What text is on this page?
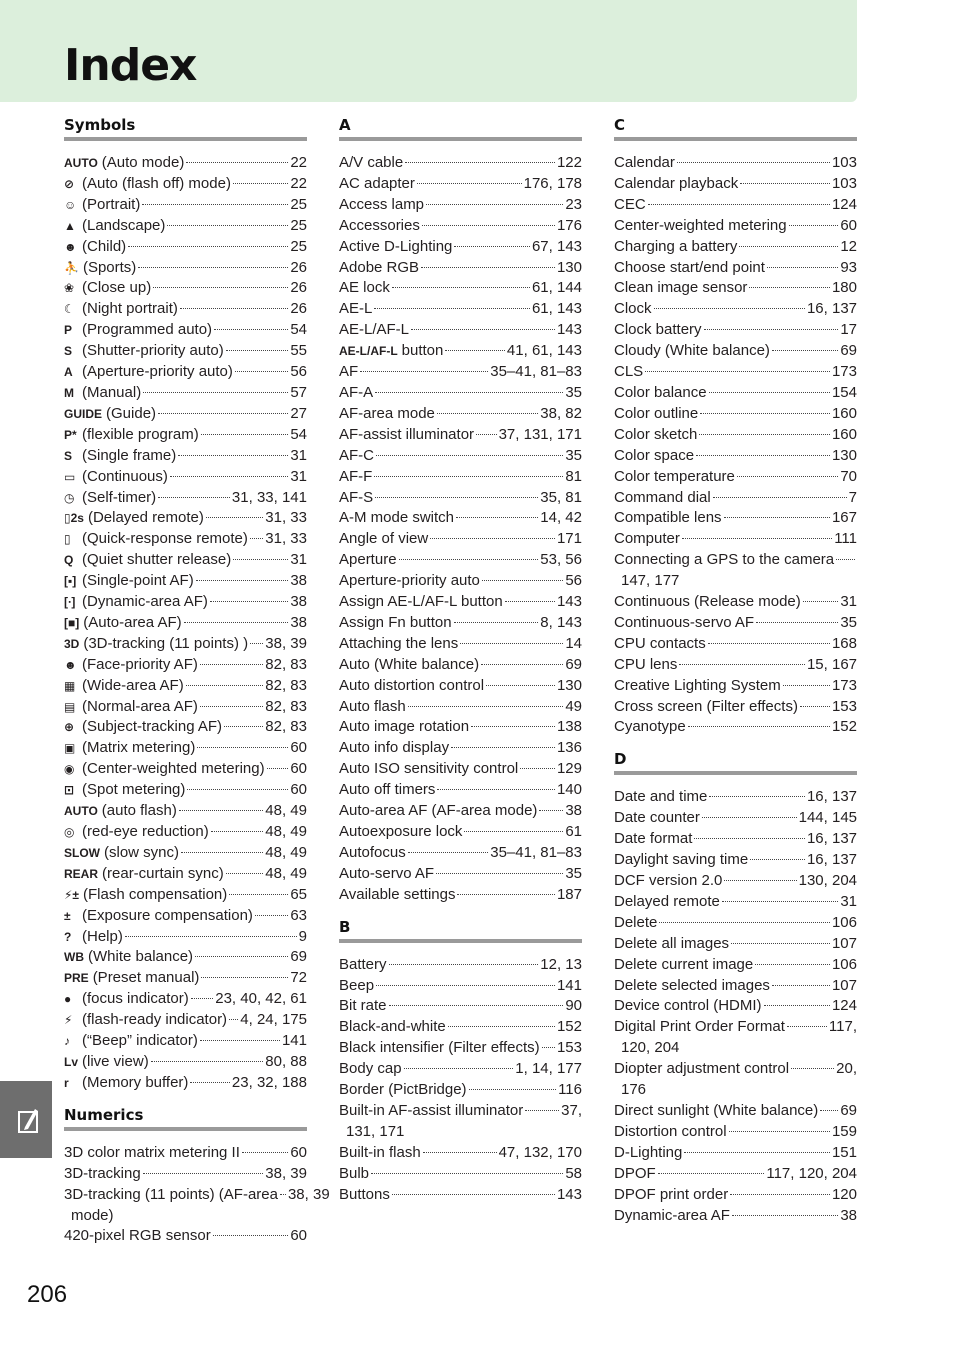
Index
Symbols
AUTO (Auto mode)	22
⊘ (Auto (flash off) mode)	22
☺ (Portrait)	25
▲ (Landscape)	25
☻ (Child)	25
⛹ (Sports)	26
❀ (Close up)	26
☾ (Night portrait)	26
P (Programmed auto)	54
S (Shutter-priority auto)	55
A (Aperture-priority auto)	56
M (Manual)	57
GUIDE (Guide)	27
P* (flexible program)	54
S (Single frame)	31
▭ (Continuous)	31
◷ (Self-timer)	31, 33, 141
▯2s (Delayed remote)	31, 33
▯ (Quick-response remote) 31, 33
Q (Quiet shutter release)	31
[▪] (Single-point AF)	38
[∙] (Dynamic-area AF)	38
[■] (Auto-area AF)	38
3D (3D-tracking (11 points) ) 38, 39
☻ (Face-priority AF)	82, 83
▦ (Wide-area AF)	82, 83
▤ (Normal-area AF)	82, 83
⊕ (Subject-tracking AF)	82, 83
▣ (Matrix metering)	60
◉ (Center-weighted metering) 60
⊡ (Spot metering)	60
AUTO (auto flash)	48, 49
◎ (red-eye reduction)	48, 49
SLOW (slow sync)	48, 49
REAR (rear-curtain sync)	48, 49
⚡± (Flash compensation)	65
± (Exposure compensation) 63
? (Help)	9
WB (White balance)	69
PRE (Preset manual)	72
● (focus indicator) 23, 40, 42, 61
⚡ (flash-ready indicator) 4, 24, 175
♪ (“Beep” indicator)	141
Lv (live view)	80, 88
r (Memory buffer)	23, 32, 188
Numerics
3D color matrix metering II	60
3D-tracking	38, 39
3D-tracking (11 points) (AF-area 38, 39
mode)
420-pixel RGB sensor	60
A
A/V cable	122
AC adapter	176, 178
Access lamp	23
Accessories	176
Active D-Lighting	67, 143
Adobe RGB	130
AE lock	61, 144
AE-L	61, 143
AE-L/AF-L	143
AE-L/AF-L button	41, 61, 143
AF	35–41, 81–83
AF-A	35
AF-area mode	38, 82
AF-assist illuminator 37, 131, 171
AF-C	35
AF-F	81
AF-S	35, 81
A-M mode switch	14, 42
Angle of view	171
Aperture	53, 56
Aperture-priority auto	56
Assign AE-L/AF-L button	143
Assign Fn button	8, 143
Attaching the lens	14
Auto (White balance)	69
Auto distortion control	130
Auto flash	49
Auto image rotation	138
Auto info display	136
Auto ISO sensitivity control	129
Auto off timers	140
Auto-area AF (AF-area mode) 38
Autoexposure lock	61
Autofocus	35–41, 81–83
Auto-servo AF	35
Available settings	187
B
Battery	12, 13
Beep	141
Bit rate	90
Black-and-white	152
Black intensifier (Filter effects) 153
Body cap	1, 14, 177
Border (PictBridge)	116
Built-in AF-assist illuminator	37,
131, 171
Built-in flash	47, 132, 170
Bulb	58
Buttons	143
C
Calendar	103
Calendar playback	103
CEC	124
Center-weighted metering	60
Charging a battery	12
Choose start/end point	93
Clean image sensor	180
Clock	16, 137
Clock battery	17
Cloudy (White balance)	69
CLS	173
Color balance	154
Color outline	160
Color sketch	160
Color space	130
Color temperature	70
Command dial	7
Compatible lens	167
Computer	111
Connecting a GPS to the camera
147, 177
Continuous (Release mode)	31
Continuous-servo AF	35
CPU contacts	168
CPU lens	15, 167
Creative Lighting System	173
Cross screen (Filter effects) 153
Cyanotype	152
D
Date and time	16, 137
Date counter	144, 145
Date format	16, 137
Daylight saving time	16, 137
DCF version 2.0	130, 204
Delayed remote	31
Delete	106
Delete all images	107
Delete current image	106
Delete selected images	107
Device control (HDMI)	124
Digital Print Order Format	117,
120, 204
Diopter adjustment control	20,
176
Direct sunlight (White balance) 69
Distortion control	159
D-Lighting	151
DPOF	117, 120, 204
DPOF print order	120
Dynamic-area AF	38
206
